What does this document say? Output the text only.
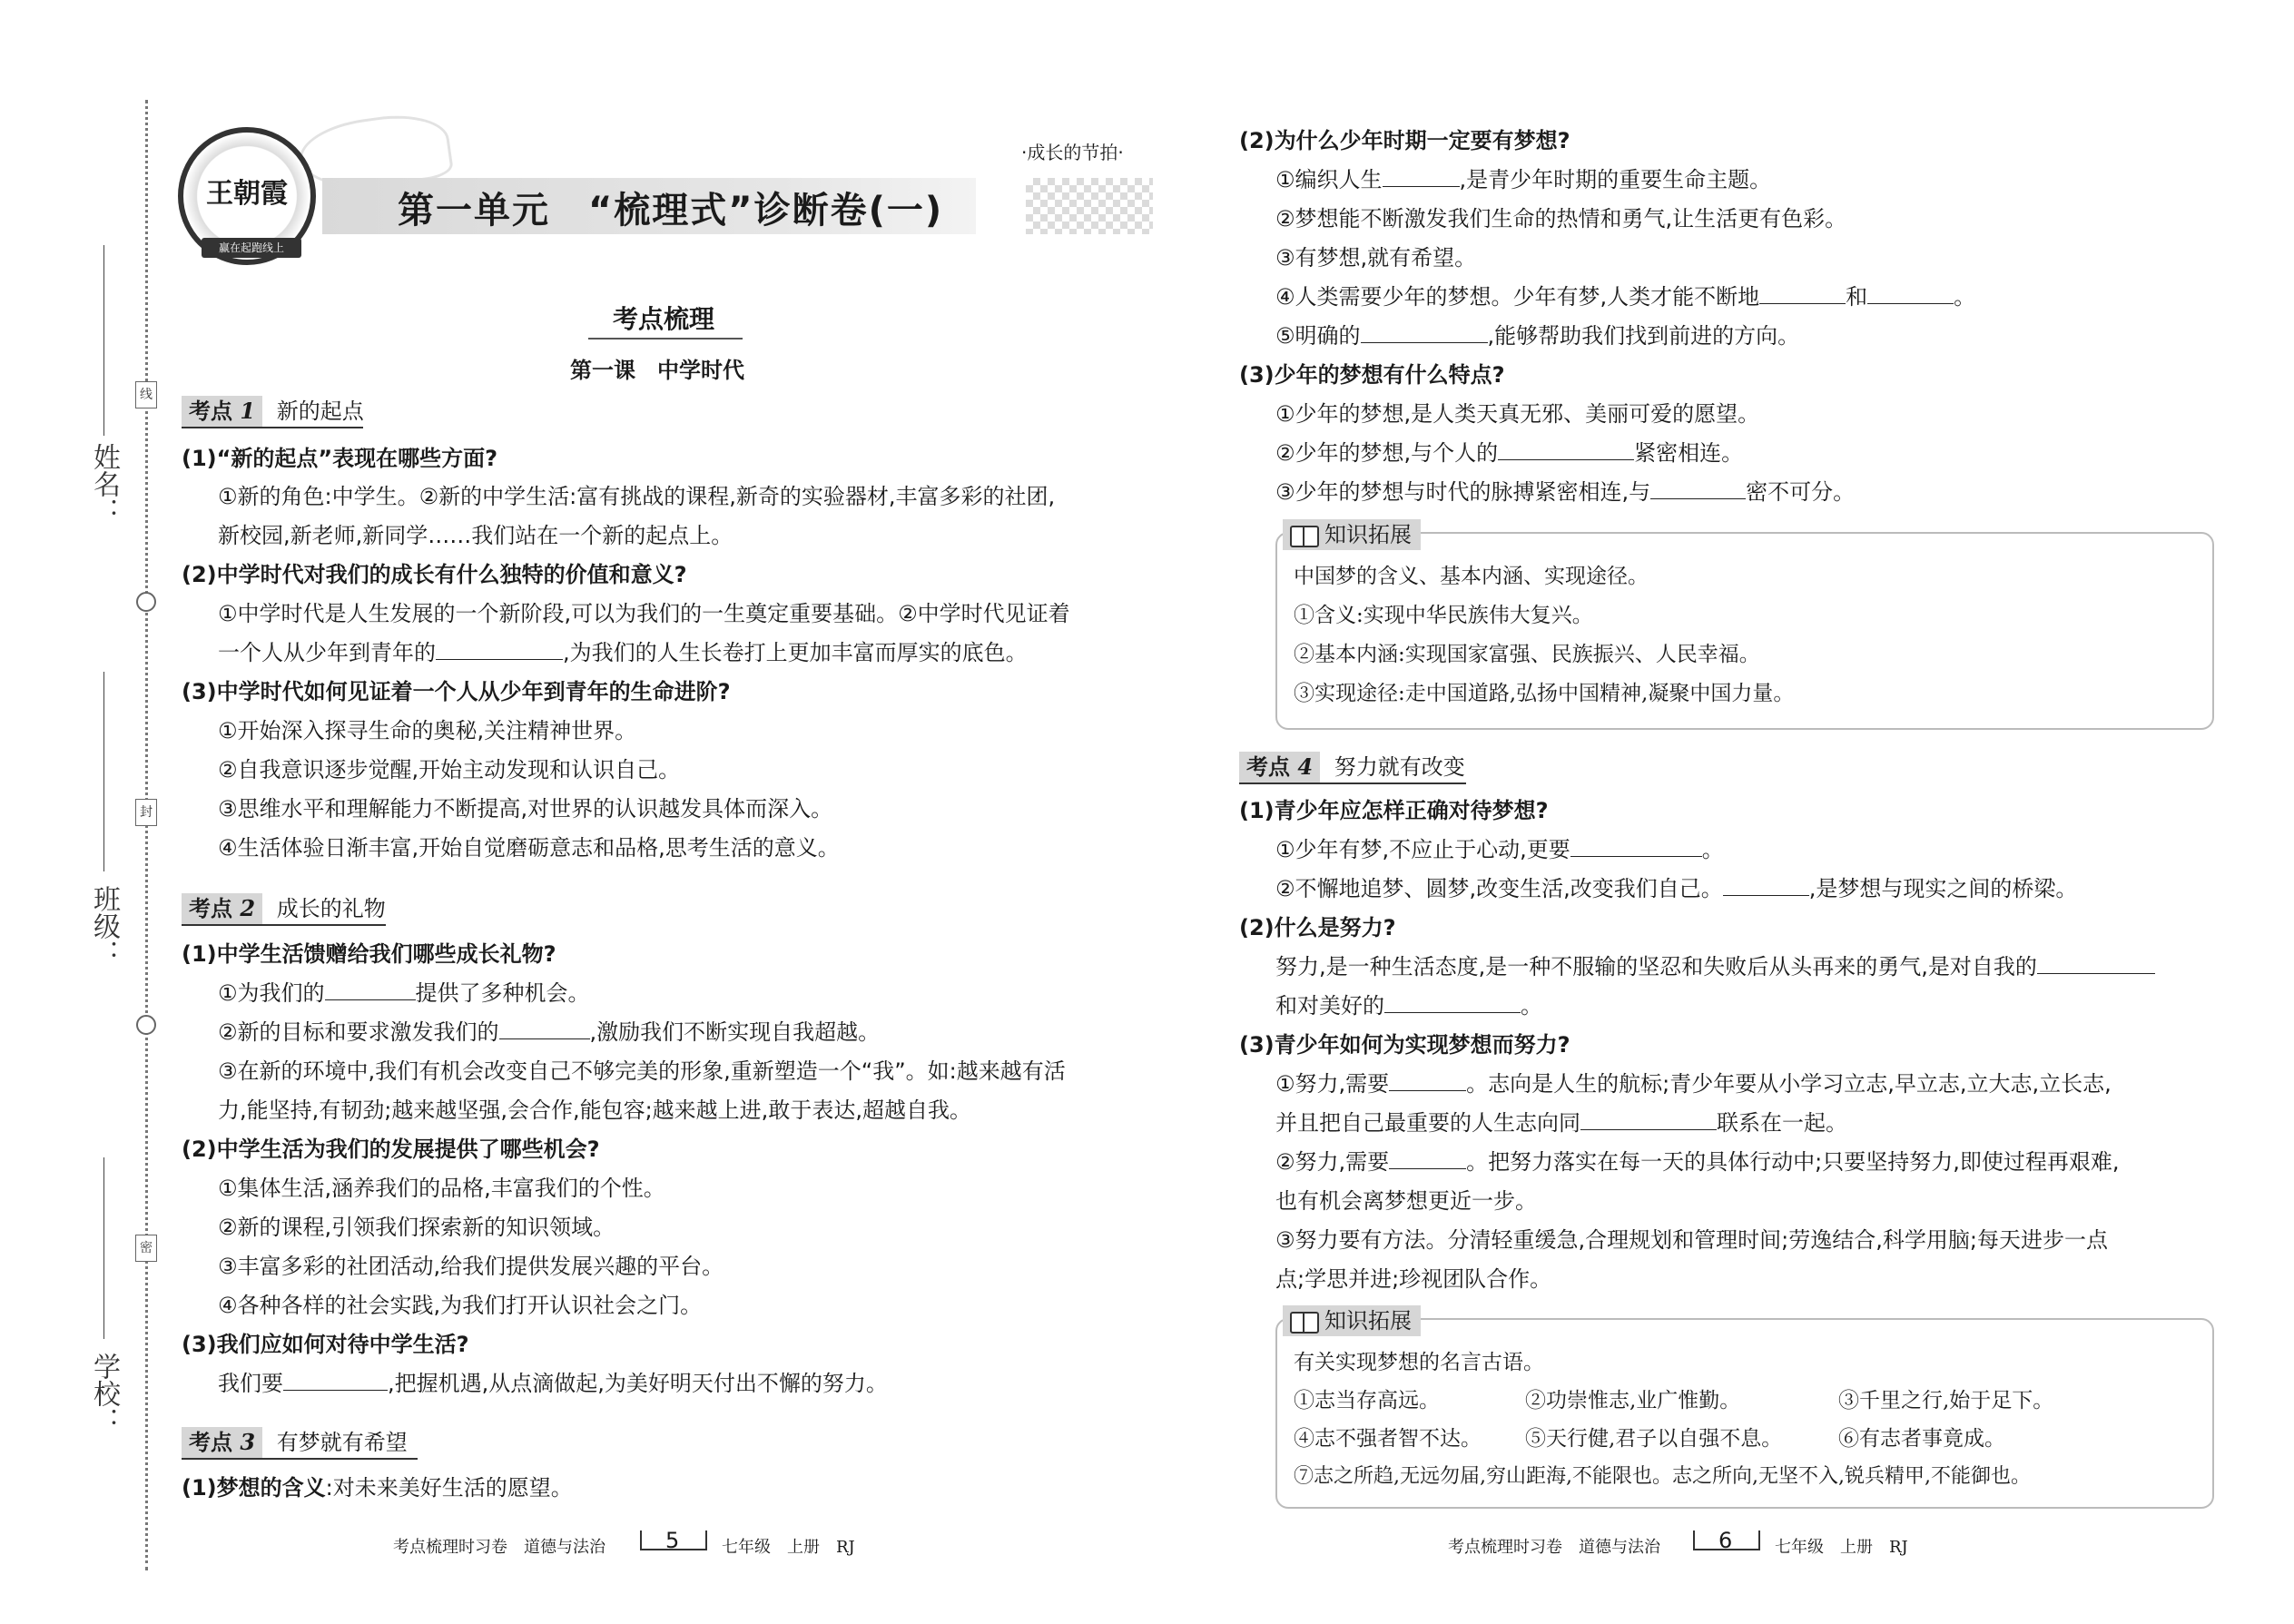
线
封
密
姓名：
班级：
学校：
王朝霞
赢在起跑线上
·成长的节拍·
第一单元　“梳理式”诊断卷(一)
考点梳理
第一课　中学时代
考点 1 新的起点
(1)“新的起点”表现在哪些方面?
①新的角色:中学生。②新的中学生活:富有挑战的课程,新奇的实验器材,丰富多彩的社团,
新校园,新老师,新同学……我们站在一个新的起点上。
(2)中学时代对我们的成长有什么独特的价值和意义?
①中学时代是人生发展的一个新阶段,可以为我们的一生奠定重要基础。②中学时代见证着
一个人从少年到青年的	,为我们的人生长卷打上更加丰富而厚实的底色。
(3)中学时代如何见证着一个人从少年到青年的生命进阶?
①开始深入探寻生命的奥秘,关注精神世界。
②自我意识逐步觉醒,开始主动发现和认识自己。
③思维水平和理解能力不断提高,对世界的认识越发具体而深入。
④生活体验日渐丰富,开始自觉磨砺意志和品格,思考生活的意义。
考点 2 成长的礼物
(1)中学生活馈赠给我们哪些成长礼物?
①为我们的	提供了多种机会。
②新的目标和要求激发我们的	,激励我们不断实现自我超越。
③在新的环境中,我们有机会改变自己不够完美的形象,重新塑造一个“我”。如:越来越有活
力,能坚持,有韧劲;越来越坚强,会合作,能包容;越来越上进,敢于表达,超越自我。
(2)中学生活为我们的发展提供了哪些机会?
①集体生活,涵养我们的品格,丰富我们的个性。
②新的课程,引领我们探索新的知识领域。
③丰富多彩的社团活动,给我们提供发展兴趣的平台。
④各种各样的社会实践,为我们打开认识社会之门。
(3)我们应如何对待中学生活?
我们要	,把握机遇,从点滴做起,为美好明天付出不懈的努力。
考点 3 有梦就有希望
(1)梦想的含义:对未来美好生活的愿望。
考点梳理时习卷　道德与法治	5	七年级　上册　RJ
(2)为什么少年时期一定要有梦想?
①编织人生	,是青少年时期的重要生命主题。
②梦想能不断激发我们生命的热情和勇气,让生活更有色彩。
③有梦想,就有希望。
④人类需要少年的梦想。少年有梦,人类才能不断地	和	。
⑤明确的	,能够帮助我们找到前进的方向。
(3)少年的梦想有什么特点?
①少年的梦想,是人类天真无邪、美丽可爱的愿望。
②少年的梦想,与个人的	紧密相连。
③少年的梦想与时代的脉搏紧密相连,与	密不可分。
知识拓展
中国梦的含义、基本内涵、实现途径。
①含义:实现中华民族伟大复兴。
②基本内涵:实现国家富强、民族振兴、人民幸福。
③实现途径:走中国道路,弘扬中国精神,凝聚中国力量。
考点 4 努力就有改变
(1)青少年应怎样正确对待梦想?
①少年有梦,不应止于心动,更要	。
②不懈地追梦、圆梦,改变生活,改变我们自己。	,是梦想与现实之间的桥梁。
(2)什么是努力?
努力,是一种生活态度,是一种不服输的坚忍和失败后从头再来的勇气,是对自我的
和对美好的	。
(3)青少年如何为实现梦想而努力?
①努力,需要	。志向是人生的航标;青少年要从小学习立志,早立志,立大志,立长志,
并且把自己最重要的人生志向同	联系在一起。
②努力,需要	。把努力落实在每一天的具体行动中;只要坚持努力,即使过程再艰难,
也有机会离梦想更近一步。
③努力要有方法。分清轻重缓急,合理规划和管理时间;劳逸结合,科学用脑;每天进步一点
点;学思并进;珍视团队合作。
知识拓展
有关实现梦想的名言古语。
①志当存高远。	②功崇惟志,业广惟勤。	③千里之行,始于足下。
④志不强者智不达。 ⑤天行健,君子以自强不息。	⑥有志者事竟成。
⑦志之所趋,无远勿届,穷山距海,不能限也。志之所向,无坚不入,锐兵精甲,不能御也。
考点梳理时习卷　道德与法治	6	七年级　上册　RJ
